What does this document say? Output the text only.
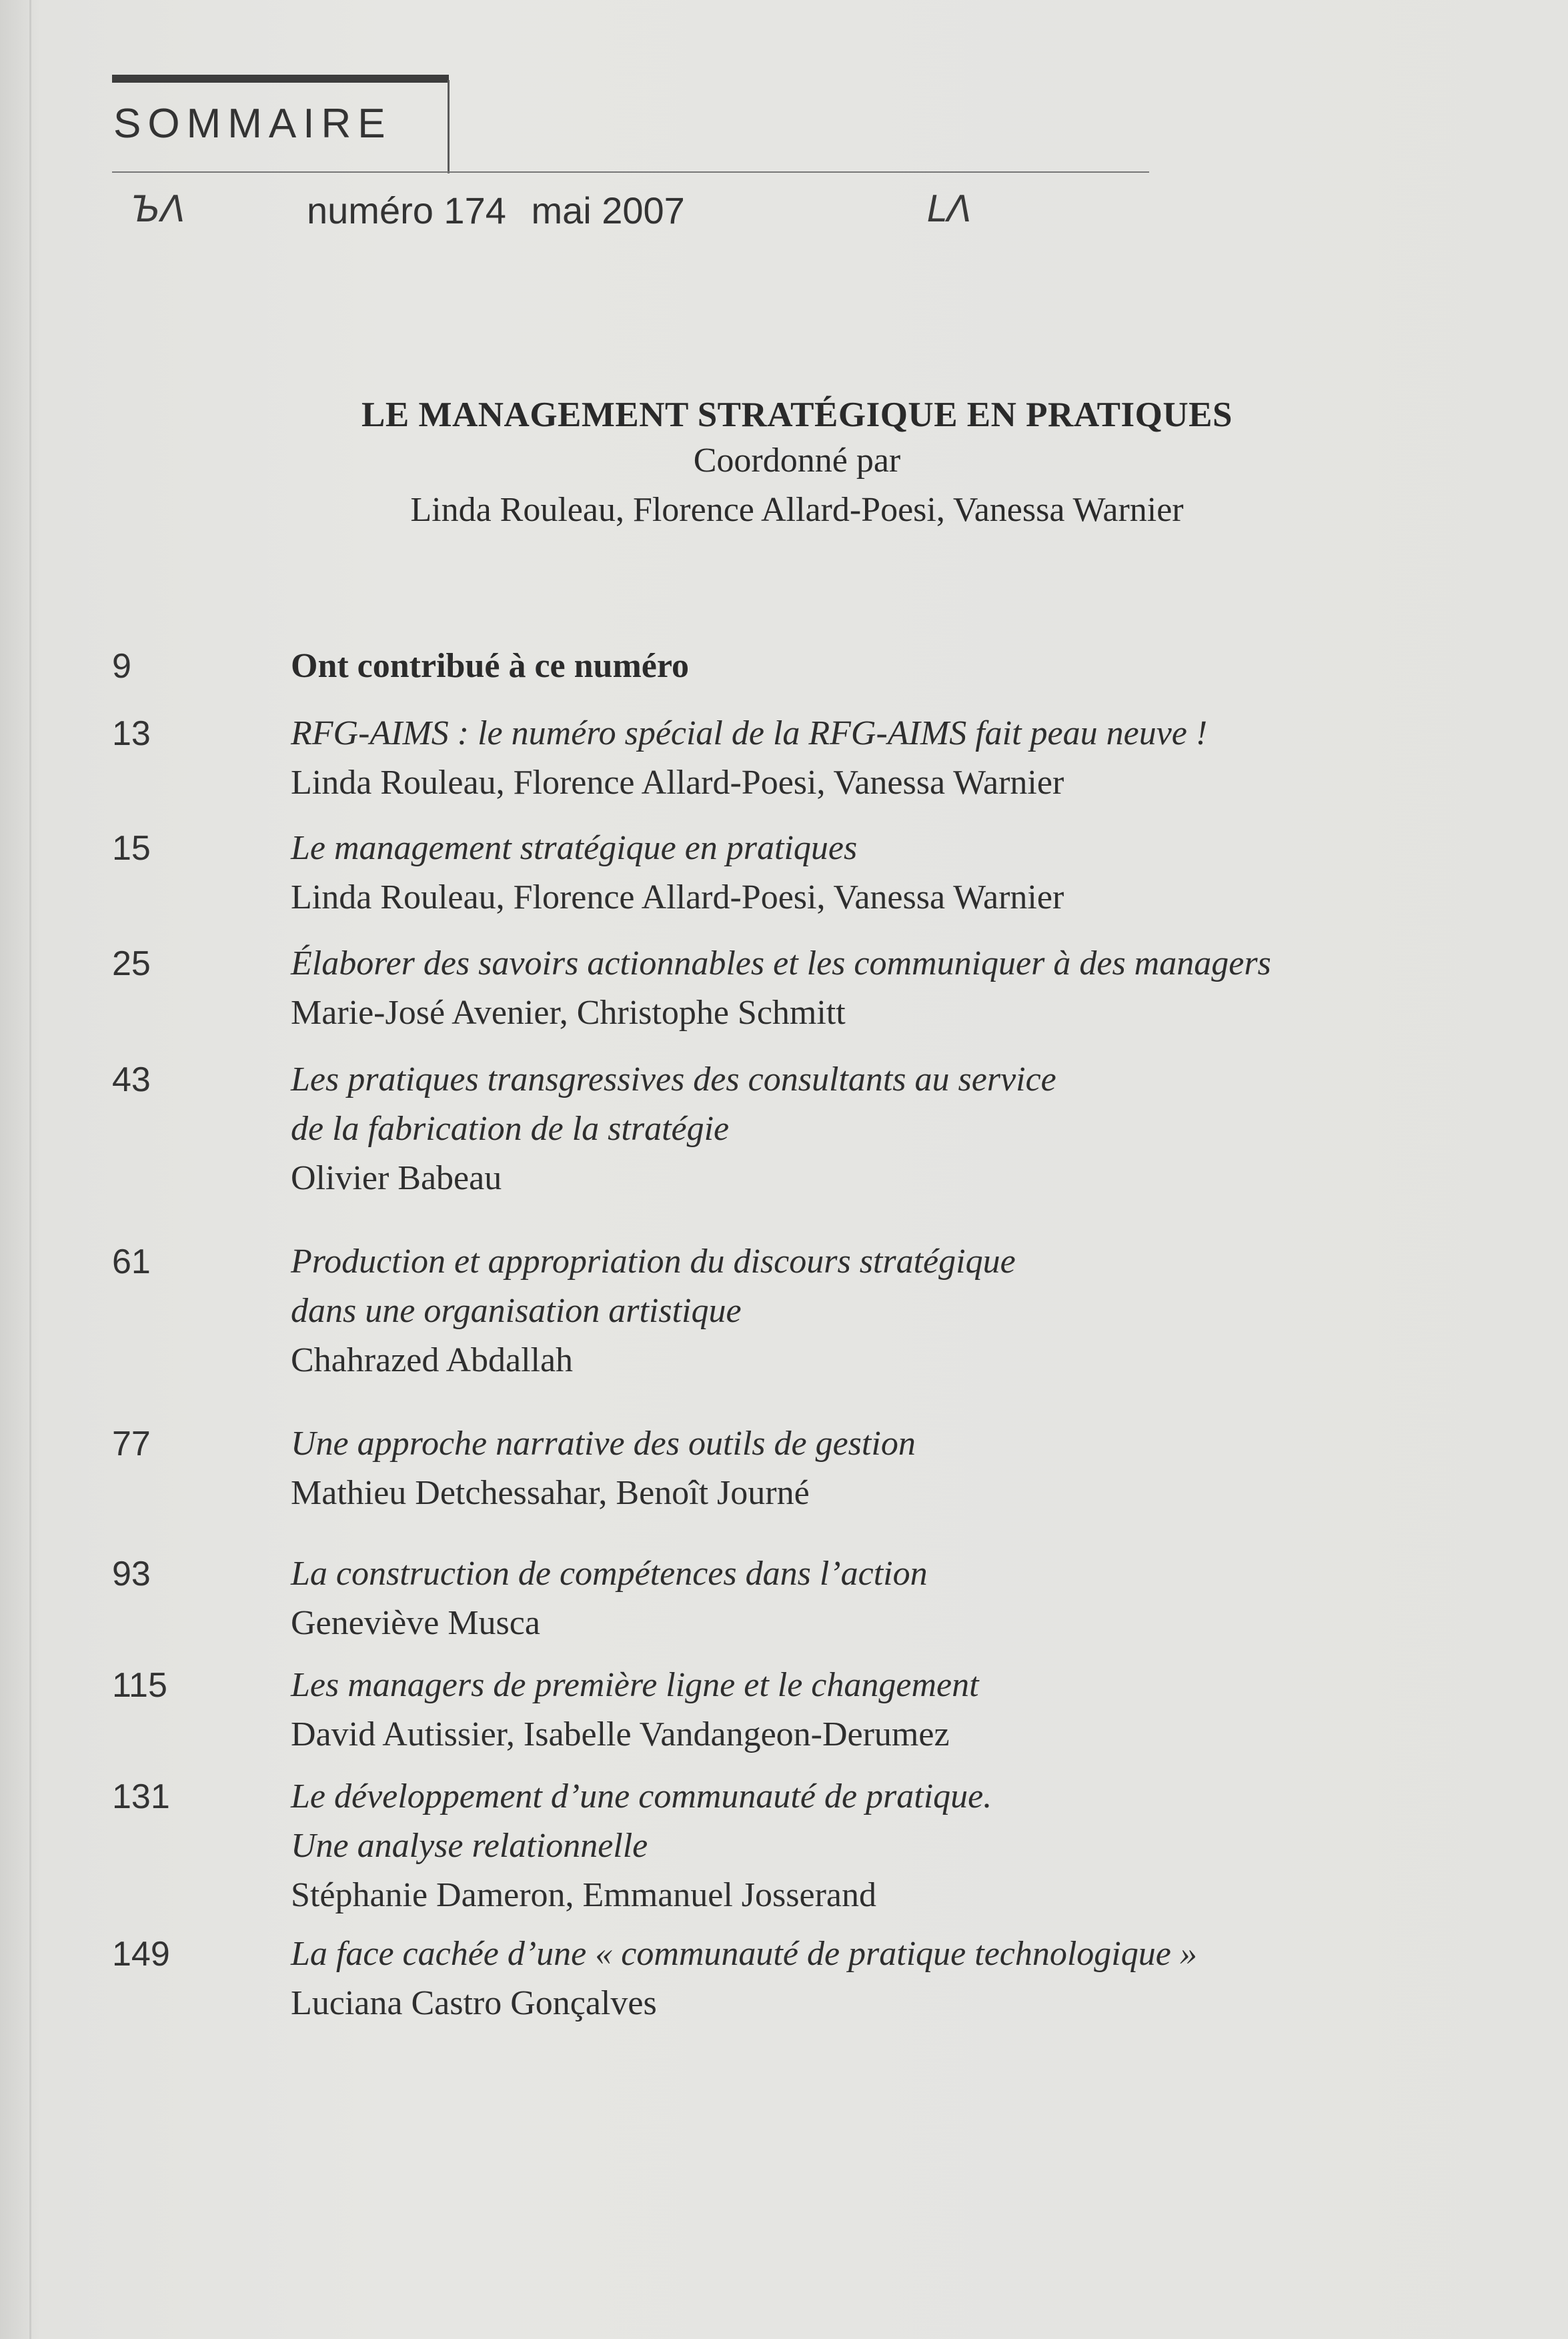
SOMMAIRE
ЪΛ	numéro 174 mai 2007	LΛ
LE MANAGEMENT STRATÉGIQUE EN PRATIQUES
Coordonné par
Linda Rouleau, Florence Allard-Poesi, Vanessa Warnier
9	Ont contribué à ce numéro
13	RFG-AIMS : le numéro spécial de la RFG-AIMS fait peau neuve !
Linda Rouleau, Florence Allard-Poesi, Vanessa Warnier
15	Le management stratégique en pratiques
Linda Rouleau, Florence Allard-Poesi, Vanessa Warnier
25	Élaborer des savoirs actionnables et les communiquer à des managers
Marie-José Avenier, Christophe Schmitt
43	Les pratiques transgressives des consultants au service
de la fabrication de la stratégie
Olivier Babeau
61	Production et appropriation du discours stratégique
dans une organisation artistique
Chahrazed Abdallah
77	Une approche narrative des outils de gestion
Mathieu Detchessahar, Benoît Journé
93	La construction de compétences dans l’action
Geneviève Musca
115	Les managers de première ligne et le changement
David Autissier, Isabelle Vandangeon-Derumez
131	Le développement d’une communauté de pratique.
Une analyse relationnelle
Stéphanie Dameron, Emmanuel Josserand
149	La face cachée d’une « communauté de pratique technologique »
Luciana Castro Gonçalves
